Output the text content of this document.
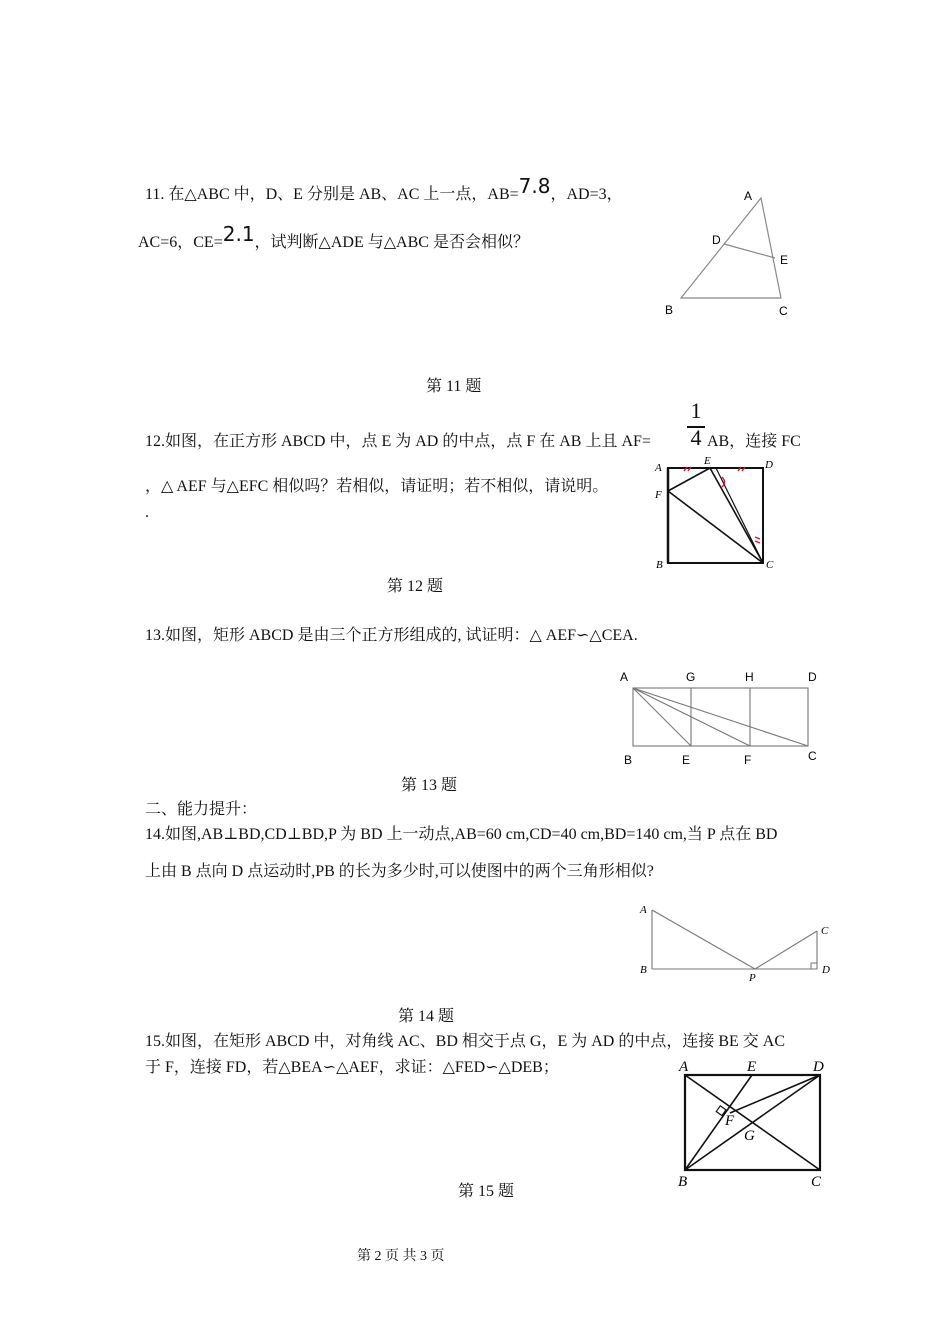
11. 在△ABC 中，D、E 分别是 AB、AC 上一点，AB=7.8，AD=3，
AC=6，CE=2.1，试判断△ADE 与△ABC 是否会相似？
A
D
E
B	C
第 11 题
12.如图，在正方形 ABCD 中，点 E 为 AD 的中点，点 F 在 AB 上且 AF=
1
4 AB，连接 FC
，△ AEF 与△EFC 相似吗？若相似，请证明；若不相似，请说明。
.
A
E	D
F
B	C
第 12 题
13.如图，矩形 ABCD 是由三个正方形组成的, 试证明：△ AEF∽△CEA.
A	G	H	D
B	E	F	C
第 13 题
二、能力提升：
14.如图,AB⊥BD,CD⊥BD,P 为 BD 上一动点,AB=60 cm,CD=40 cm,BD=140 cm,当 P 点在 BD
上由 B 点向 D 点运动时,PB 的长为多少时,可以使图中的两个三角形相似?
A
B
C
D
P
第 14 题
15.如图，在矩形 ABCD 中，对角线 AC、BD 相交于点 G，E 为 AD 的中点，连接 BE 交 AC
于 F，连接 FD，若△BEA∽△AEF，求证：△FED∽△DEB；	A	E	D
F
G
B	C
第 15 题
第 2 页 共 3 页
